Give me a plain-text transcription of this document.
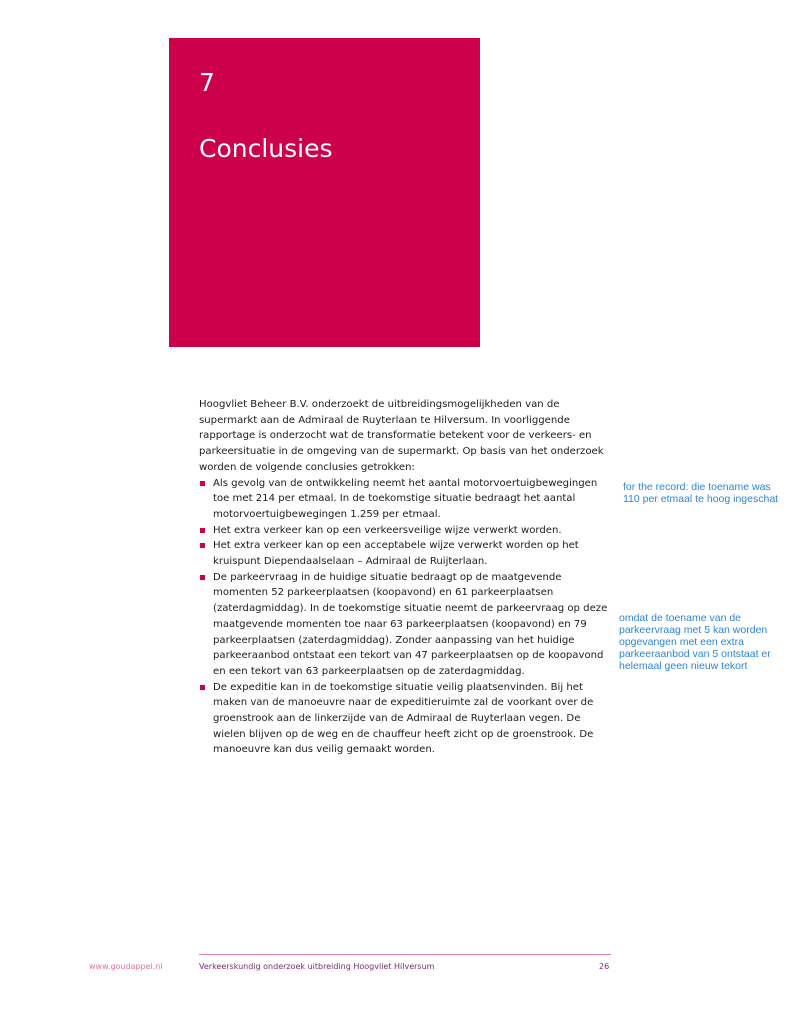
7
Conclusies

Hoogvliet Beheer B.V. onderzoekt de uitbreidingsmogelijkheden van de supermarkt aan de Admiraal de Ruyterlaan te Hilversum. In voorliggende rapportage is onderzocht wat de transformatie betekent voor de verkeers- en parkeersituatie in de omgeving van de supermarkt. Op basis van het onderzoek worden de volgende conclusies getrokken:

Als gevolg van de ontwikkeling neemt het aantal motorvoertuigbewegingen toe met 214 per etmaal. In de toekomstige situatie bedraagt het aantal motorvoertuigbewegingen 1.259 per etmaal.
Het extra verkeer kan op een verkeersveilige wijze verwerkt worden.
Het extra verkeer kan op een acceptabele wijze verwerkt worden op het kruispunt Diependaalselaan – Admiraal de Ruijterlaan.
De parkeervraag in de huidige situatie bedraagt op de maatgevende momenten 52 parkeerplaatsen (koopavond) en 61 parkeerplaatsen (zaterdagmiddag). In de toekomstige situatie neemt de parkeervraag op deze maatgevende momenten toe naar 63 parkeerplaatsen (koopavond) en 79 parkeerplaatsen (zaterdagmiddag). Zonder aanpassing van het huidige parkeeraanbod ontstaat een tekort van 47 parkeerplaatsen op de koopavond en een tekort van 63 parkeerplaatsen op de zaterdagmiddag.
De expeditie kan in de toekomstige situatie veilig plaatsenvinden. Bij het maken van de manoeuvre naar de expeditieruimte zal de voorkant over de groenstrook aan de linkerzijde van de Admiraal de Ruyterlaan vegen. De wielen blijven op de weg en de chauffeur heeft zicht op de groenstrook. De manoeuvre kan dus veilig gemaakt worden.
for the record: die toename was 110 per etmaal te hoog ingeschat
omdat de toename van de parkeervraag met 5 kan worden opgevangen met een extra parkeeraanbod van 5 ontstaat er helemaal geen nieuw tekort
www.goudappel.nl	Verkeerskundig onderzoek uitbreiding Hoogvliet Hilversum	26
